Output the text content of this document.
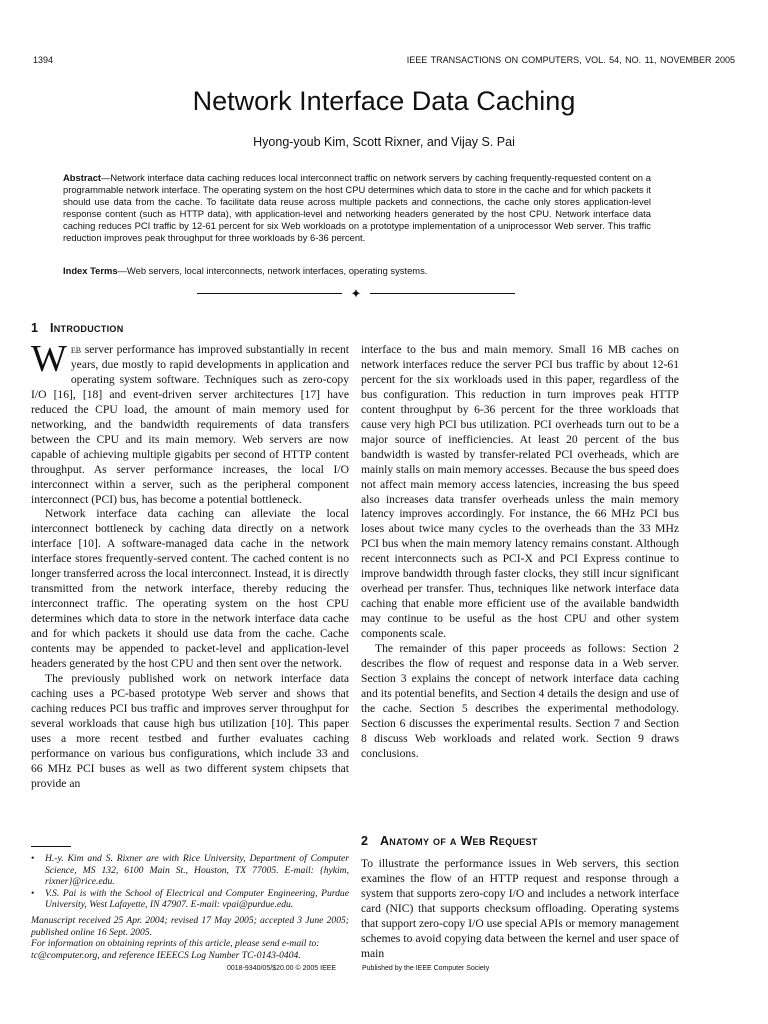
1394	IEEE TRANSACTIONS ON COMPUTERS, VOL. 54, NO. 11, NOVEMBER 2005
Network Interface Data Caching
Hyong-youb Kim, Scott Rixner, and Vijay S. Pai

Abstract—Network interface data caching reduces local interconnect traffic on network servers by caching frequently-requested content on a programmable network interface. The operating system on the host CPU determines which data to store in the cache and for which packets it should use data from the cache. To facilitate data reuse across multiple packets and connections, the cache only stores application-level response content (such as HTTP data), with application-level and networking headers generated by the host CPU. Network interface data caching reduces PCI traffic by 12-61 percent for six Web workloads on a prototype implementation of a uniprocessor Web server. This traffic reduction improves peak throughput for three workloads by 6-36 percent.

Index Terms—Web servers, local interconnects, network interfaces, operating systems.

✦
1 Introduction

Web server performance has improved substantially in recent years, due mostly to rapid developments in application and operating system software. Techniques such as zero-copy I/O [16], [18] and event-driven server architectures [17] have reduced the CPU load, the amount of main memory used for networking, and the bandwidth requirements of data transfers between the CPU and its main memory. Web servers are now capable of achieving multiple gigabits per second of HTTP content throughput. As server performance increases, the local I/O interconnect within a server, such as the peripheral component interconnect (PCI) bus, has become a potential bottleneck.

Network interface data caching can alleviate the local interconnect bottleneck by caching data directly on a network interface [10]. A software-managed data cache in the network interface stores frequently-served content. The cached content is no longer transferred across the local interconnect. Instead, it is directly transmitted from the network interface, thereby reducing the interconnect traffic. The operating system on the host CPU determines which data to store in the network interface data cache and for which packets it should use data from the cache. Cache contents may be appended to packet-level and application-level headers generated by the host CPU and then sent over the network.

The previously published work on network interface data caching uses a PC-based prototype Web server and shows that caching reduces PCI bus traffic and improves server throughput for several workloads that cause high bus utilization [10]. This paper uses a more recent testbed and further evaluates caching performance on various bus configurations, which include 33 and 66 MHz PCI buses as well as two different system chipsets that provide an

• H.-y. Kim and S. Rixner are with Rice University, Department of Computer Science, MS 132, 6100 Main St., Houston, TX 77005. E-mail: {hykim, rixner}@rice.edu.
• V.S. Pai is with the School of Electrical and Computer Engineering, Purdue University, West Lafayette, IN 47907. E-mail: vpai@purdue.edu.
Manuscript received 25 Apr. 2004; revised 17 May 2005; accepted 3 June 2005; published online 16 Sept. 2005.
For information on obtaining reprints of this article, please send e-mail to: tc@computer.org, and reference IEEECS Log Number TC-0143-0404.

interface to the bus and main memory. Small 16 MB caches on network interfaces reduce the server PCI bus traffic by about 12-61 percent for the six workloads used in this paper, regardless of the bus configuration. This reduction in turn improves peak HTTP content throughput by 6-36 percent for the three workloads that cause very high PCI bus utilization. PCI overheads turn out to be a major source of inefficiencies. At least 20 percent of the bus bandwidth is wasted by transfer-related PCI overheads, which are mainly stalls on main memory accesses. Because the bus speed does not affect main memory access latencies, increasing the bus speed also increases data transfer overheads unless the main memory latency improves accordingly. For instance, the 66 MHz PCI bus loses about twice many cycles to the overheads than the 33 MHz PCI bus when the main memory latency remains constant. Although recent interconnects such as PCI-X and PCI Express continue to improve bandwidth through faster clocks, they still incur significant overhead per transfer. Thus, techniques like network interface data caching that enable more efficient use of the available bandwidth may continue to be useful as the host CPU and other system components scale.

The remainder of this paper proceeds as follows: Section 2 describes the flow of request and response data in a Web server. Section 3 explains the concept of network interface data caching and its potential benefits, and Section 4 details the design and use of the cache. Section 5 describes the experimental methodology. Section 6 discusses the experimental results. Section 7 and Section 8 discuss Web workloads and related work. Section 9 draws conclusions.

2 Anatomy of a Web Request

To illustrate the performance issues in Web servers, this section examines the flow of an HTTP request and response through a system that supports zero-copy I/O and includes a network interface card (NIC) that supports checksum offloading. Operating systems that support zero-copy I/O use special APIs or memory management schemes to avoid copying data between the kernel and user space of main

0018-9340/05/$20.00 © 2005 IEEE	Published by the IEEE Computer Society
